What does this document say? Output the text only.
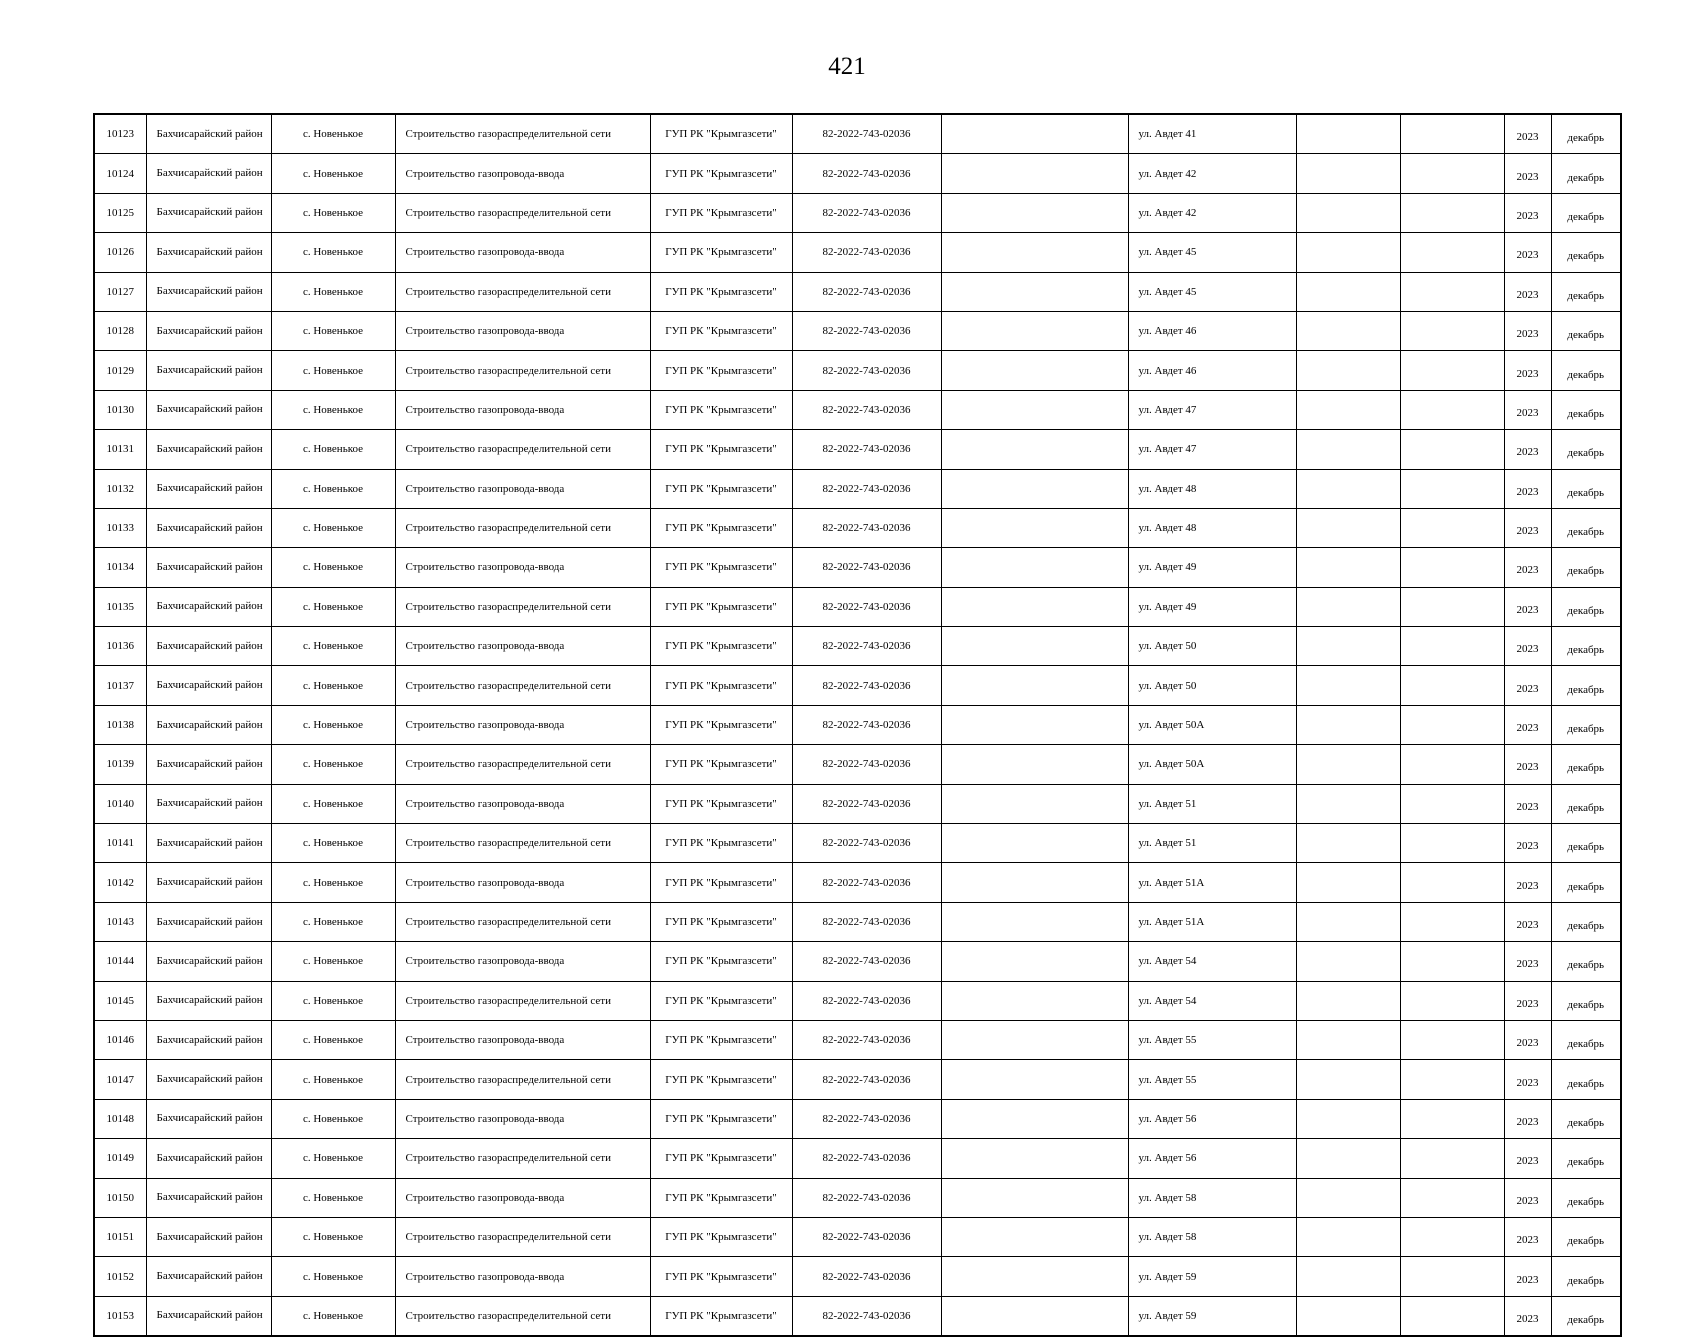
421
10123	Бахчисарайский район	с. Новенькое	Строительство газораспределительной сети	ГУП РК "Крымгазсети"	82-2022-743-02036		ул. Авдет 41			2023	декабрь
10124	Бахчисарайский район	с. Новенькое	Строительство газопровода-ввода	ГУП РК "Крымгазсети"	82-2022-743-02036		ул. Авдет 42			2023	декабрь
10125	Бахчисарайский район	с. Новенькое	Строительство газораспределительной сети	ГУП РК "Крымгазсети"	82-2022-743-02036		ул. Авдет 42			2023	декабрь
10126	Бахчисарайский район	с. Новенькое	Строительство газопровода-ввода	ГУП РК "Крымгазсети"	82-2022-743-02036		ул. Авдет 45			2023	декабрь
10127	Бахчисарайский район	с. Новенькое	Строительство газораспределительной сети	ГУП РК "Крымгазсети"	82-2022-743-02036		ул. Авдет 45			2023	декабрь
10128	Бахчисарайский район	с. Новенькое	Строительство газопровода-ввода	ГУП РК "Крымгазсети"	82-2022-743-02036		ул. Авдет 46			2023	декабрь
10129	Бахчисарайский район	с. Новенькое	Строительство газораспределительной сети	ГУП РК "Крымгазсети"	82-2022-743-02036		ул. Авдет 46			2023	декабрь
10130	Бахчисарайский район	с. Новенькое	Строительство газопровода-ввода	ГУП РК "Крымгазсети"	82-2022-743-02036		ул. Авдет 47			2023	декабрь
10131	Бахчисарайский район	с. Новенькое	Строительство газораспределительной сети	ГУП РК "Крымгазсети"	82-2022-743-02036		ул. Авдет 47			2023	декабрь
10132	Бахчисарайский район	с. Новенькое	Строительство газопровода-ввода	ГУП РК "Крымгазсети"	82-2022-743-02036		ул. Авдет 48			2023	декабрь
10133	Бахчисарайский район	с. Новенькое	Строительство газораспределительной сети	ГУП РК "Крымгазсети"	82-2022-743-02036		ул. Авдет 48			2023	декабрь
10134	Бахчисарайский район	с. Новенькое	Строительство газопровода-ввода	ГУП РК "Крымгазсети"	82-2022-743-02036		ул. Авдет 49			2023	декабрь
10135	Бахчисарайский район	с. Новенькое	Строительство газораспределительной сети	ГУП РК "Крымгазсети"	82-2022-743-02036		ул. Авдет 49			2023	декабрь
10136	Бахчисарайский район	с. Новенькое	Строительство газопровода-ввода	ГУП РК "Крымгазсети"	82-2022-743-02036		ул. Авдет 50			2023	декабрь
10137	Бахчисарайский район	с. Новенькое	Строительство газораспределительной сети	ГУП РК "Крымгазсети"	82-2022-743-02036		ул. Авдет 50			2023	декабрь
10138	Бахчисарайский район	с. Новенькое	Строительство газопровода-ввода	ГУП РК "Крымгазсети"	82-2022-743-02036		ул. Авдет 50А			2023	декабрь
10139	Бахчисарайский район	с. Новенькое	Строительство газораспределительной сети	ГУП РК "Крымгазсети"	82-2022-743-02036		ул. Авдет 50А			2023	декабрь
10140	Бахчисарайский район	с. Новенькое	Строительство газопровода-ввода	ГУП РК "Крымгазсети"	82-2022-743-02036		ул. Авдет 51			2023	декабрь
10141	Бахчисарайский район	с. Новенькое	Строительство газораспределительной сети	ГУП РК "Крымгазсети"	82-2022-743-02036		ул. Авдет 51			2023	декабрь
10142	Бахчисарайский район	с. Новенькое	Строительство газопровода-ввода	ГУП РК "Крымгазсети"	82-2022-743-02036		ул. Авдет 51А			2023	декабрь
10143	Бахчисарайский район	с. Новенькое	Строительство газораспределительной сети	ГУП РК "Крымгазсети"	82-2022-743-02036		ул. Авдет 51А			2023	декабрь
10144	Бахчисарайский район	с. Новенькое	Строительство газопровода-ввода	ГУП РК "Крымгазсети"	82-2022-743-02036		ул. Авдет 54			2023	декабрь
10145	Бахчисарайский район	с. Новенькое	Строительство газораспределительной сети	ГУП РК "Крымгазсети"	82-2022-743-02036		ул. Авдет 54			2023	декабрь
10146	Бахчисарайский район	с. Новенькое	Строительство газопровода-ввода	ГУП РК "Крымгазсети"	82-2022-743-02036		ул. Авдет 55			2023	декабрь
10147	Бахчисарайский район	с. Новенькое	Строительство газораспределительной сети	ГУП РК "Крымгазсети"	82-2022-743-02036		ул. Авдет 55			2023	декабрь
10148	Бахчисарайский район	с. Новенькое	Строительство газопровода-ввода	ГУП РК "Крымгазсети"	82-2022-743-02036		ул. Авдет 56			2023	декабрь
10149	Бахчисарайский район	с. Новенькое	Строительство газораспределительной сети	ГУП РК "Крымгазсети"	82-2022-743-02036		ул. Авдет 56			2023	декабрь
10150	Бахчисарайский район	с. Новенькое	Строительство газопровода-ввода	ГУП РК "Крымгазсети"	82-2022-743-02036		ул. Авдет 58			2023	декабрь
10151	Бахчисарайский район	с. Новенькое	Строительство газораспределительной сети	ГУП РК "Крымгазсети"	82-2022-743-02036		ул. Авдет 58			2023	декабрь
10152	Бахчисарайский район	с. Новенькое	Строительство газопровода-ввода	ГУП РК "Крымгазсети"	82-2022-743-02036		ул. Авдет 59			2023	декабрь
10153	Бахчисарайский район	с. Новенькое	Строительство газораспределительной сети	ГУП РК "Крымгазсети"	82-2022-743-02036		ул. Авдет 59			2023	декабрь
